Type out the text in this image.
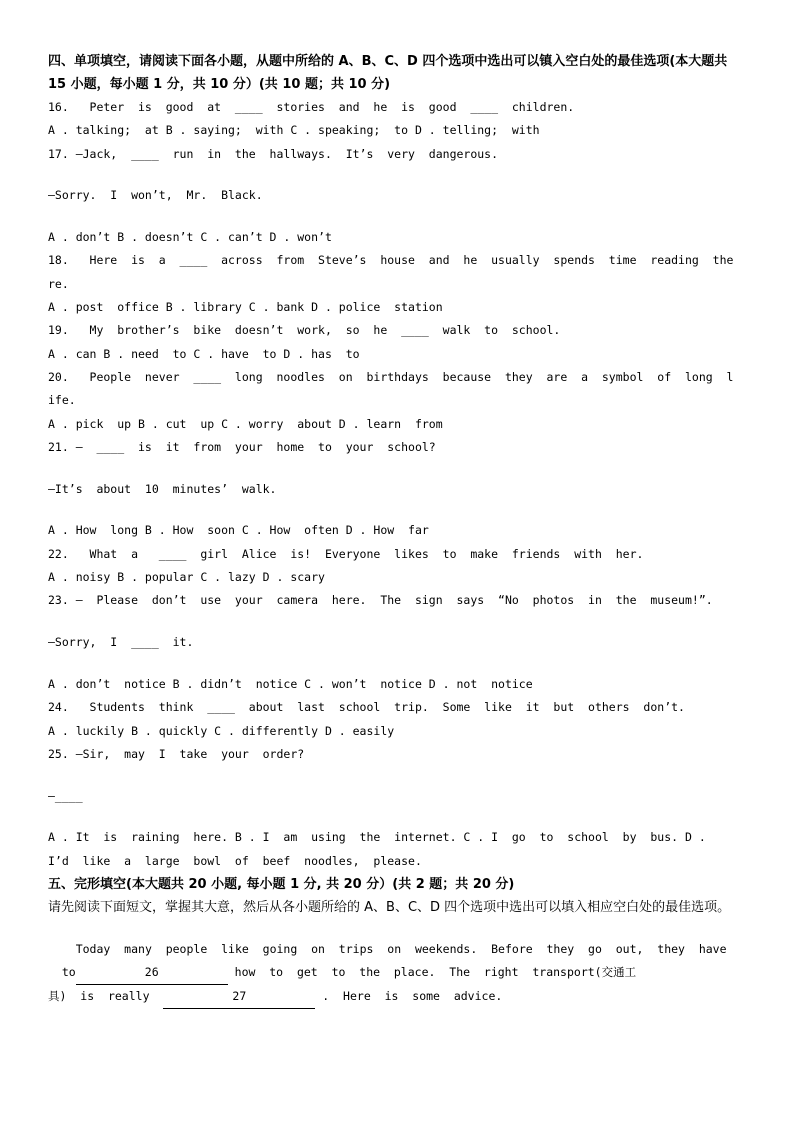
四、单项填空，请阅读下面各小题，从题中所给的 A、B、C、D 四个选项中选出可以镇入空白处的最佳选项(本大题共 15 小题，每小题 1 分，共 10 分）(共 10 题；共 10 分)
16.   Peter  is  good  at  ____  stories  and  he  is  good  ____  children.
A . talking;  at B . saying;  with C . speaking;  to D . telling;  with
17. —Jack,  ____  run  in  the  hallways.  It’s  very  dangerous.
—Sorry.  I  won’t,  Mr.  Black.
A . don’t B . doesn’t C . can’t D . won’t
18.   Here  is  a  ____  across  from  Steve’s  house  and  he  usually  spends  time  reading  the
re.
A . post  office B . library C . bank D . police  station
19.   My  brother’s  bike  doesn’t  work,  so  he  ____  walk  to  school.
A . can B . need  to C . have  to D . has  to
20.   People  never  ____  long  noodles  on  birthdays  because  they  are  a  symbol  of  long  l
ife.
A . pick  up B . cut  up C . worry  about D . learn  from
21. —  ____  is  it  from  your  home  to  your  school?
—It’s  about  10  minutes’  walk.
A . How  long B . How  soon C . How  often D . How  far
22.   What  a   ____  girl  Alice  is!  Everyone  likes  to  make  friends  with  her.
A . noisy B . popular C . lazy D . scary
23. —  Please  don’t  use  your  camera  here.  The  sign  says  “No  photos  in  the  museum!”.
—Sorry,  I  ____  it.
A . don’t  notice B . didn’t  notice C . won’t  notice D . not  notice
24.   Students  think  ____  about  last  school  trip.  Some  like  it  but  others  don’t.
A . luckily B . quickly C . differently D . easily
25. —Sir,  may  I  take  your  order?
—____
A . It  is  raining  here. B . I  am  using  the  internet. C . I  go  to  school  by  bus. D .
I’d  like  a  large  bowl  of  beef  noodles,  please.
五、完形填空(本大题共 20 小题, 每小题 1 分, 共 20 分）(共 2 题；共 20 分)
请先阅读下面短文，掌握其大意，然后从各小题所给的 A、B、C、D 四个选项中选出可以填入相应空白处的最佳选项。
Today  many  people  like  going  on  trips  on  weekends.  Before  they  go  out,  they  have
to	26	how  to  get  to  the  place.  The  right  transport(交通工
具)  is  really	27	.  Here  is  some  advice.
